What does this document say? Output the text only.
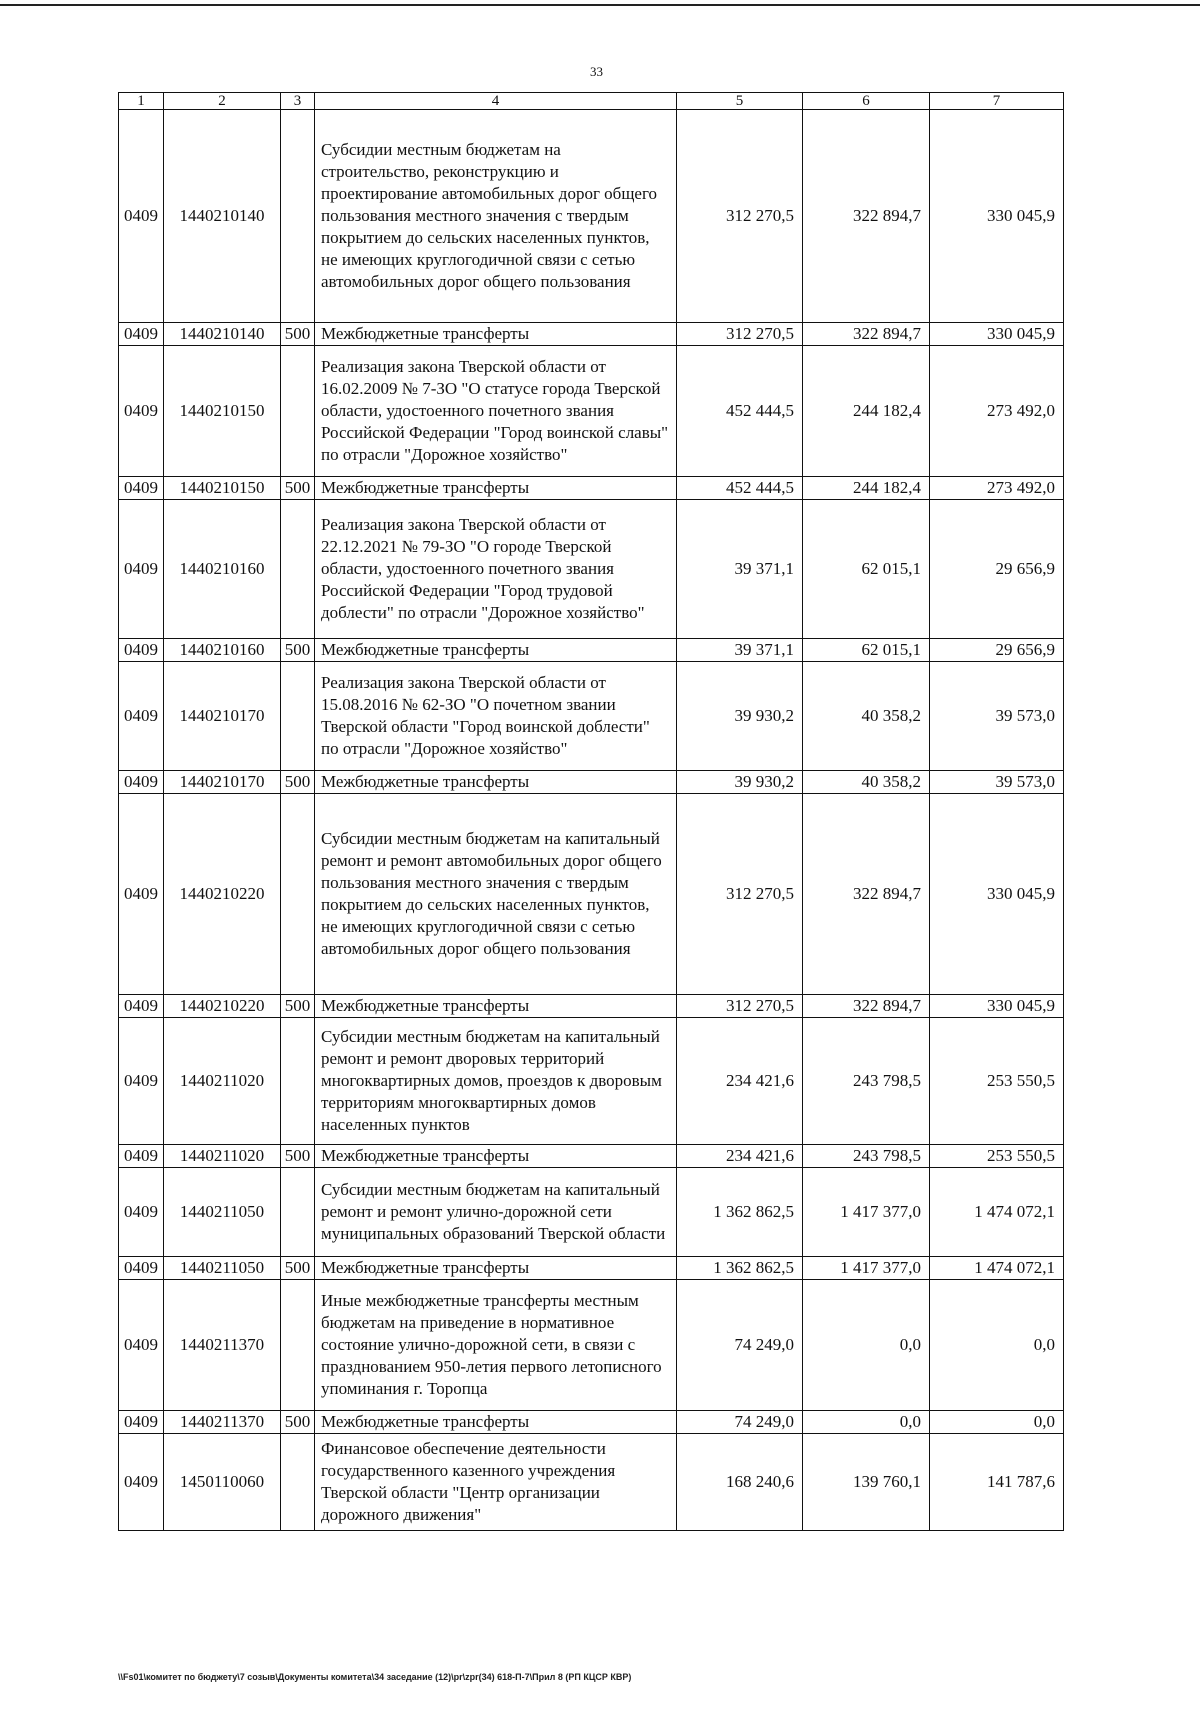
33
1	2	3	4	5	6	7
0409	1440210140		Субсидии местным бюджетам на строительство, реконструкцию и проектирование автомобильных дорог общего пользования местного значения с твердым покрытием до сельских населенных пунктов, не имеющих круглогодичной связи с сетью автомобильных дорог общего пользования	312 270,5	322 894,7	330 045,9
0409	1440210140	500	Межбюджетные трансферты	312 270,5	322 894,7	330 045,9
0409	1440210150		Реализация закона Тверской области от 16.02.2009 № 7-ЗО "О статусе города Тверской области, удостоенного почетного звания Российской Федерации "Город воинской славы" по отрасли "Дорожное хозяйство"	452 444,5	244 182,4	273 492,0
0409	1440210150	500	Межбюджетные трансферты	452 444,5	244 182,4	273 492,0
0409	1440210160		Реализация закона Тверской области от 22.12.2021 № 79-ЗО "О городе Тверской области, удостоенного почетного звания Российской Федерации "Город трудовой доблести" по отрасли "Дорожное хозяйство"	39 371,1	62 015,1	29 656,9
0409	1440210160	500	Межбюджетные трансферты	39 371,1	62 015,1	29 656,9
0409	1440210170		Реализация закона Тверской области от 15.08.2016 № 62-ЗО "О почетном звании Тверской области "Город воинской доблести" по отрасли "Дорожное хозяйство"	39 930,2	40 358,2	39 573,0
0409	1440210170	500	Межбюджетные трансферты	39 930,2	40 358,2	39 573,0
0409	1440210220		Субсидии местным бюджетам на капитальный ремонт и ремонт автомобильных дорог общего пользования местного значения с твердым покрытием до сельских населенных пунктов, не имеющих круглогодичной связи с сетью автомобильных дорог общего пользования	312 270,5	322 894,7	330 045,9
0409	1440210220	500	Межбюджетные трансферты	312 270,5	322 894,7	330 045,9
0409	1440211020		Субсидии местным бюджетам на капитальный ремонт и ремонт дворовых территорий многоквартирных домов, проездов к дворовым территориям многоквартирных домов населенных пунктов	234 421,6	243 798,5	253 550,5
0409	1440211020	500	Межбюджетные трансферты	234 421,6	243 798,5	253 550,5
0409	1440211050		Субсидии местным бюджетам на капитальный ремонт и ремонт улично-дорожной сети муниципальных образований Тверской области	1 362 862,5	1 417 377,0	1 474 072,1
0409	1440211050	500	Межбюджетные трансферты	1 362 862,5	1 417 377,0	1 474 072,1
0409	1440211370		Иные межбюджетные трансферты местным бюджетам на приведение в нормативное состояние улично-дорожной сети, в связи с празднованием 950-летия первого летописного упоминания г. Торопца	74 249,0	0,0	0,0
0409	1440211370	500	Межбюджетные трансферты	74 249,0	0,0	0,0
0409	1450110060		Финансовое обеспечение деятельности государственного казенного учреждения Тверской области "Центр организации дорожного движения"	168 240,6	139 760,1	141 787,6
\\Fs01\комитет по бюджету\7 созыв\Документы комитета\34 заседание (12)\pr\zpr(34) 618-П-7\Прил 8 (РП КЦСР КВР)
